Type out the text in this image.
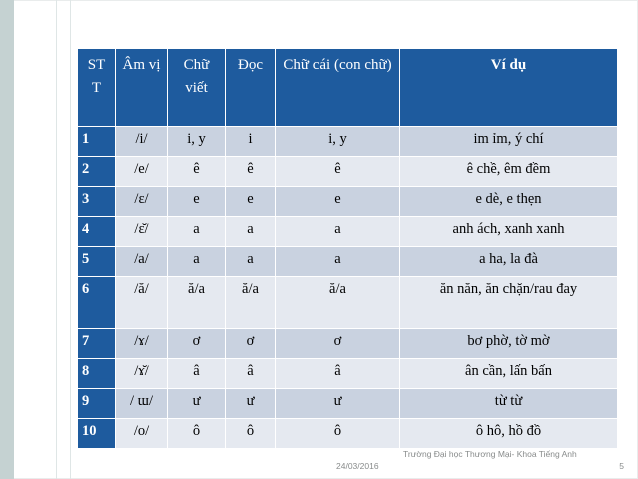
ST T	Âm vị	Chữ viết	Đọc	Chữ cái (con chữ)	Ví dụ
1	/i/	i, y	i	i, y	im ỉm, ý chí
2	/e/	ê	ê	ê	ê chề, êm đềm
3	/ɛ/	e	e	e	e dè, e thẹn
4	/ɛ̆/	a	a	a	anh ách, xanh xanh
5	/a/	a	a	a	a ha, la đà
6	/ă/	ă/a	ă/a	ă/a	ăn năn, ăn chặn/rau đay
7	/ɤ/	ơ	ơ	ơ	bơ phờ, tờ mờ
8	/ɤ̆/	â	â	â	ân cần, lấn bấn
9	/ ɯ/	ư	ư	ư	từ từ
10	/o/	ô	ô	ô	ô hô, hồ đồ
24/03/2016
Trường Đại học Thương Mại- Khoa Tiếng Anh
5
